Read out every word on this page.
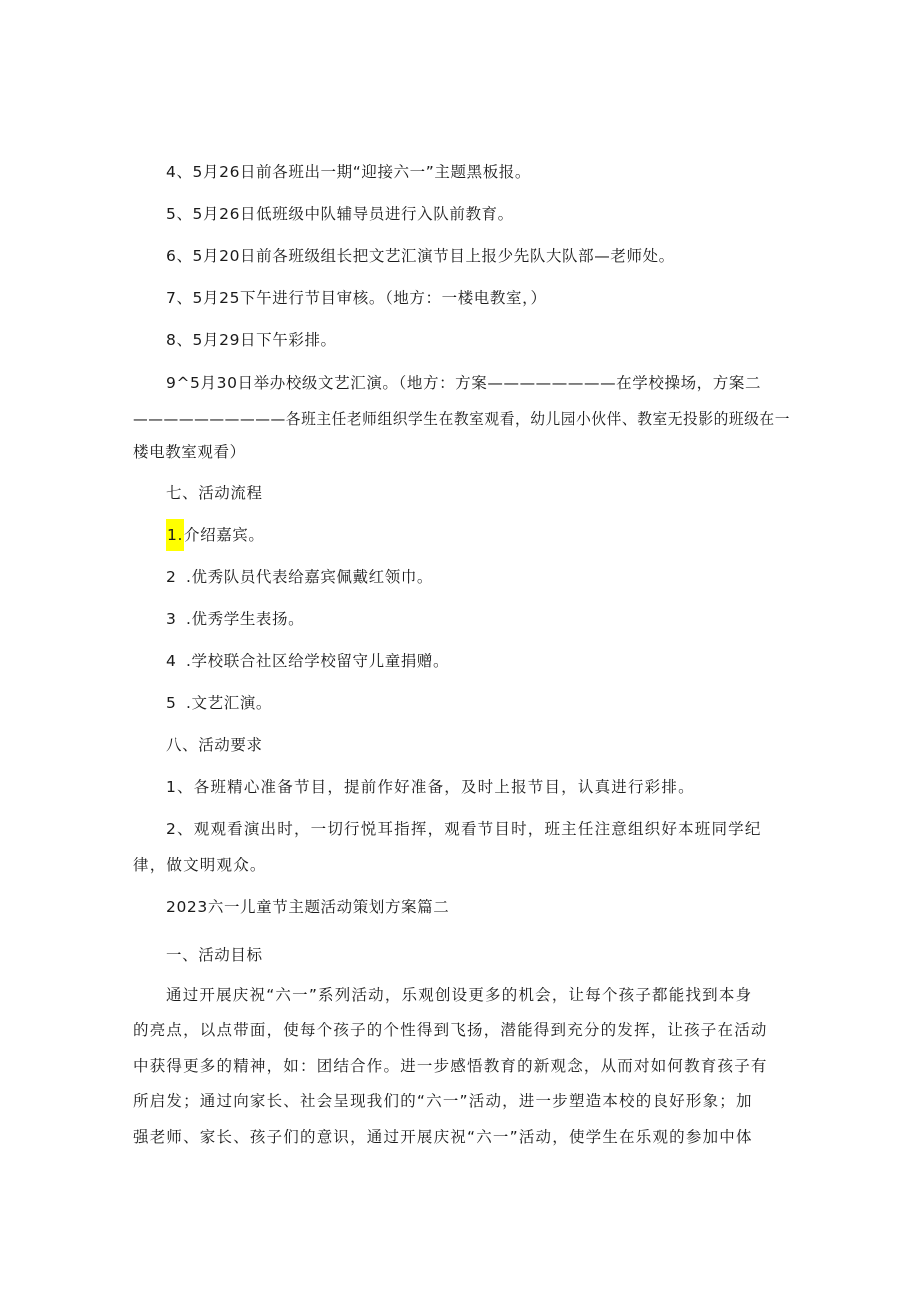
4、5月26日前各班出一期“迎接六一”主题黑板报。
5、5月26日低班级中队辅导员进行入队前教育。
6、5月20日前各班级组长把文艺汇演节目上报少先队大队部—老师处。
7、5月25下午进行节目审核。（地方：一楼电教室，）
8、5月29日下午彩排。
9^5月30日举办校级文艺汇演。（地方：方案————————在学校操场，方案二
——————————各班主任老师组织学生在教室观看，幼儿园小伙伴、教室无投影的班级在一
楼电教室观看）
七、活动流程
1.介绍嘉宾。
2 .优秀队员代表给嘉宾佩戴红领巾。
3 .优秀学生表扬。
4 .学校联合社区给学校留守儿童捐赠。
5 .文艺汇演。
八、活动要求
1、各班精心准备节目，提前作好准备，及时上报节目，认真进行彩排。
2、观观看演出时，一切行悦耳指挥，观看节目时，班主任注意组织好本班同学纪
律，做文明观众。
2023六一儿童节主题活动策划方案篇二
一、活动目标
通过开展庆祝“六一”系列活动，乐观创设更多的机会，让每个孩子都能找到本身
的亮点，以点带面，使每个孩子的个性得到飞扬，潜能得到充分的发挥，让孩子在活动
中获得更多的精神，如：团结合作。进一步感悟教育的新观念，从而对如何教育孩子有
所启发；通过向家长、社会呈现我们的“六一”活动，进一步塑造本校的良好形象；加
强老师、家长、孩子们的意识，通过开展庆祝“六一”活动，使学生在乐观的参加中体
